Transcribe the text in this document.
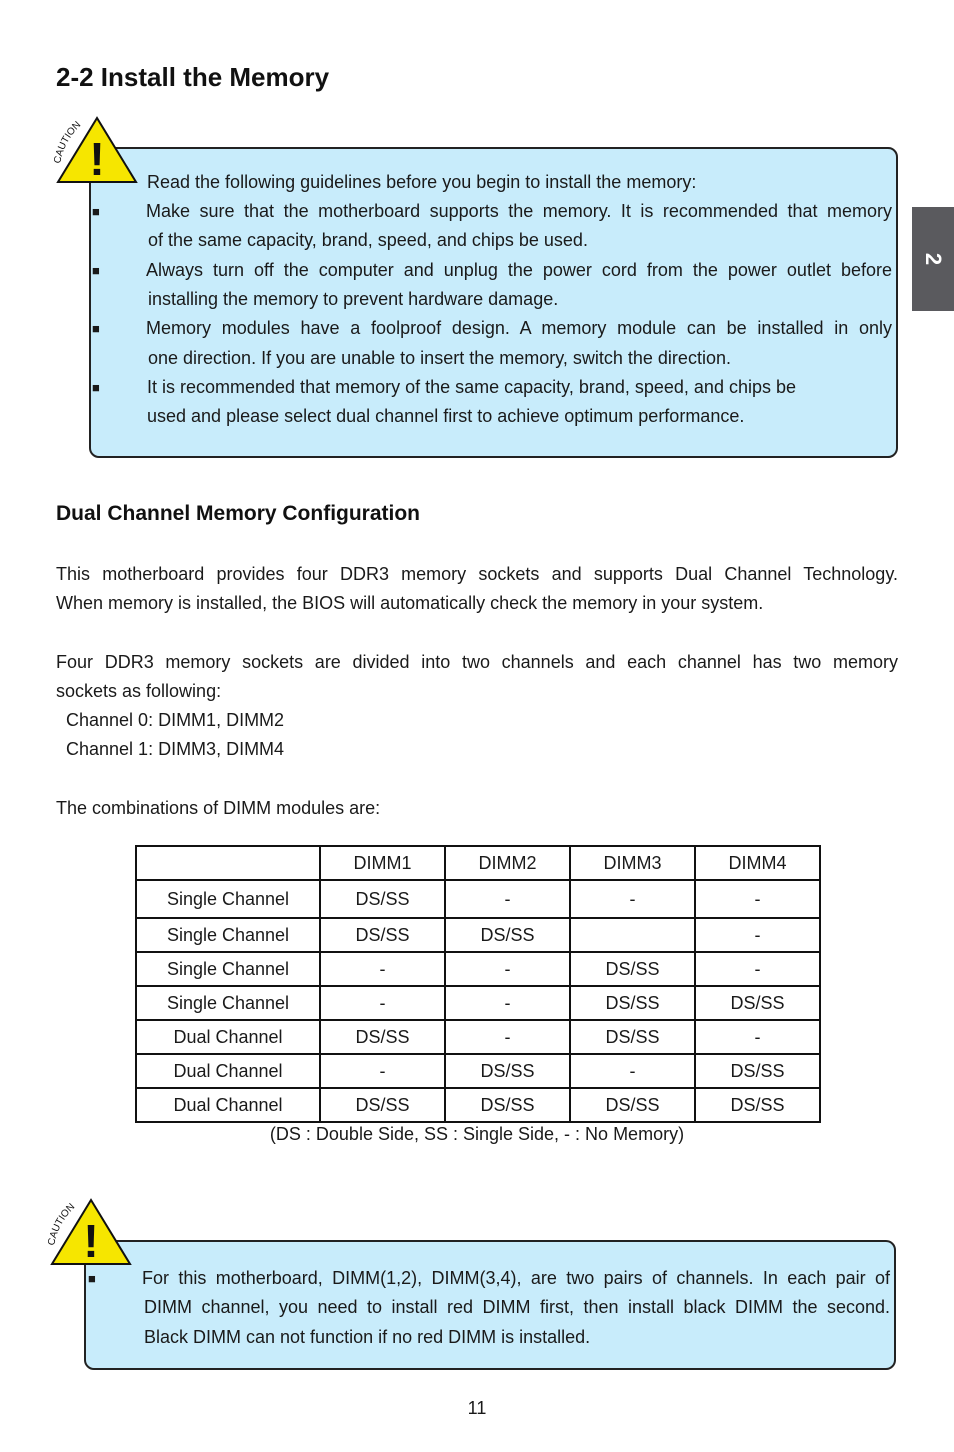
2-2 Install the Memory
2
!
CAUTION
Read the following guidelines before you begin to install the memory:
■	Make sure that the motherboard supports the memory. It is recommended that memory
of the same capacity, brand, speed, and chips be used.
■	Always turn off the computer and unplug the power cord from the power outlet before
installing the memory to prevent hardware damage.
■	Memory modules have a foolproof design. A memory module can be installed in only
one direction. If you are unable to insert the memory, switch the direction.
■	It is recommended that memory of the same capacity, brand, speed, and chips be
used and please select dual channel first to achieve optimum performance.
Dual Channel Memory Configuration
This motherboard provides four DDR3 memory sockets and supports Dual Channel Technology.
When memory is installed, the BIOS will automatically check the memory in your system.
Four DDR3 memory sockets are divided into two channels and each channel has two memory
sockets as following:
Channel 0: DIMM1, DIMM2
Channel 1: DIMM3, DIMM4
The combinations of DIMM modules are:
	DIMM1	DIMM2	DIMM3	DIMM4
Single Channel	DS/SS	-	-	-
Single Channel	DS/SS	DS/SS		-
Single Channel	-	-	DS/SS	-
Single Channel	-	-	DS/SS	DS/SS
Dual Channel	DS/SS	-	DS/SS	-
Dual Channel	-	DS/SS	-	DS/SS
Dual Channel	DS/SS	DS/SS	DS/SS	DS/SS
(DS : Double Side, SS : Single Side, - : No Memory)
!
CAUTION
■	For this motherboard, DIMM(1,2), DIMM(3,4), are two pairs of channels. In each pair of
DIMM channel, you need to install red DIMM first, then install black DIMM the second.
Black DIMM can not function if no red DIMM is installed.
11
